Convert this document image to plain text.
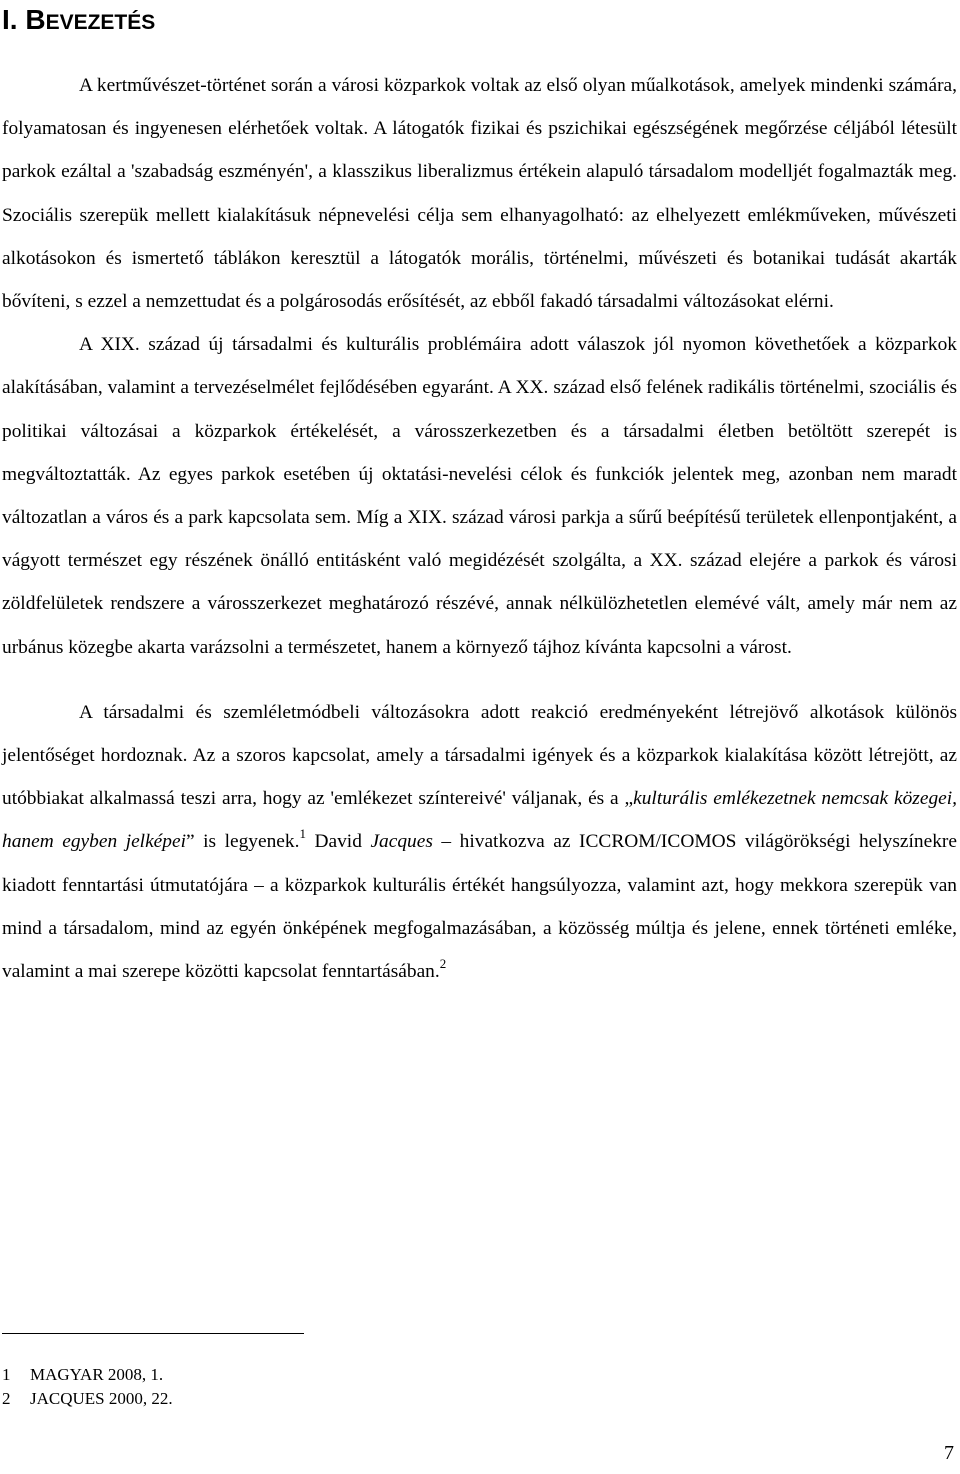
I. BEVEZETÉS

A kertművészet-történet során a városi közparkok voltak az első olyan műalkotások, amelyek mindenki számára, folyamatosan és ingyenesen elérhetőek voltak. A látogatók fizikai és pszichikai egészségének megőrzése céljából létesült parkok ezáltal a 'szabadság eszményén', a klasszikus liberalizmus értékein alapuló társadalom modelljét fogalmazták meg. Szociális szerepük mellett kialakításuk népnevelési célja sem elhanyagolható: az elhelyezett emlékműveken, művészeti alkotásokon és ismertető táblákon keresztül a látogatók morális, történelmi, művészeti és botanikai tudását akarták bővíteni, s ezzel a nemzettudat és a polgárosodás erősítését, az ebből fakadó társadalmi változásokat elérni.

A XIX. század új társadalmi és kulturális problémáira adott válaszok jól nyomon követhetőek a közparkok alakításában, valamint a tervezéselmélet fejlődésében egyaránt. A XX. század első felének radikális történelmi, szociális és politikai változásai a közparkok értékelését, a városszerkezetben és a társadalmi életben betöltött szerepét is megváltoztatták. Az egyes parkok esetében új oktatási-nevelési célok és funkciók jelentek meg, azonban nem maradt változatlan a város és a park kapcsolata sem. Míg a XIX. század városi parkja a sűrű beépítésű területek ellenpontjaként, a vágyott természet egy részének önálló entitásként való megidézését szolgálta, a XX. század elejére a parkok és városi zöldfelületek rendszere a városszerkezet meghatározó részévé, annak nélkülözhetetlen elemévé vált, amely már nem az urbánus közegbe akarta varázsolni a természetet, hanem a környező tájhoz kívánta kapcsolni a várost.

A társadalmi és szemléletmódbeli változásokra adott reakció eredményeként létrejövő alkotások különös jelentőséget hordoznak. Az a szoros kapcsolat, amely a társadalmi igények és a közparkok kialakítása között létrejött, az utóbbiakat alkalmassá teszi arra, hogy az 'emlékezet színtereivé' váljanak, és a „kulturális emlékezetnek nemcsak közegei, hanem egyben jelképei” is legyenek.$^1$ David Jacques – hivatkozva az ICCROM/ICOMOS világörökségi helyszínekre kiadott fenntartási útmutatójára – a közparkok kulturális értékét hangsúlyozza, valamint azt, hogy mekkora szerepük van mind a társadalom, mind az egyén önképének megfogalmazásában, a közösség múltja és jelene, ennek történeti emléke, valamint a mai szerepe közötti kapcsolat fenntartásában.$^2$

1 MAGYAR 2008, 1.
2 JACQUES 2000, 22.
7
